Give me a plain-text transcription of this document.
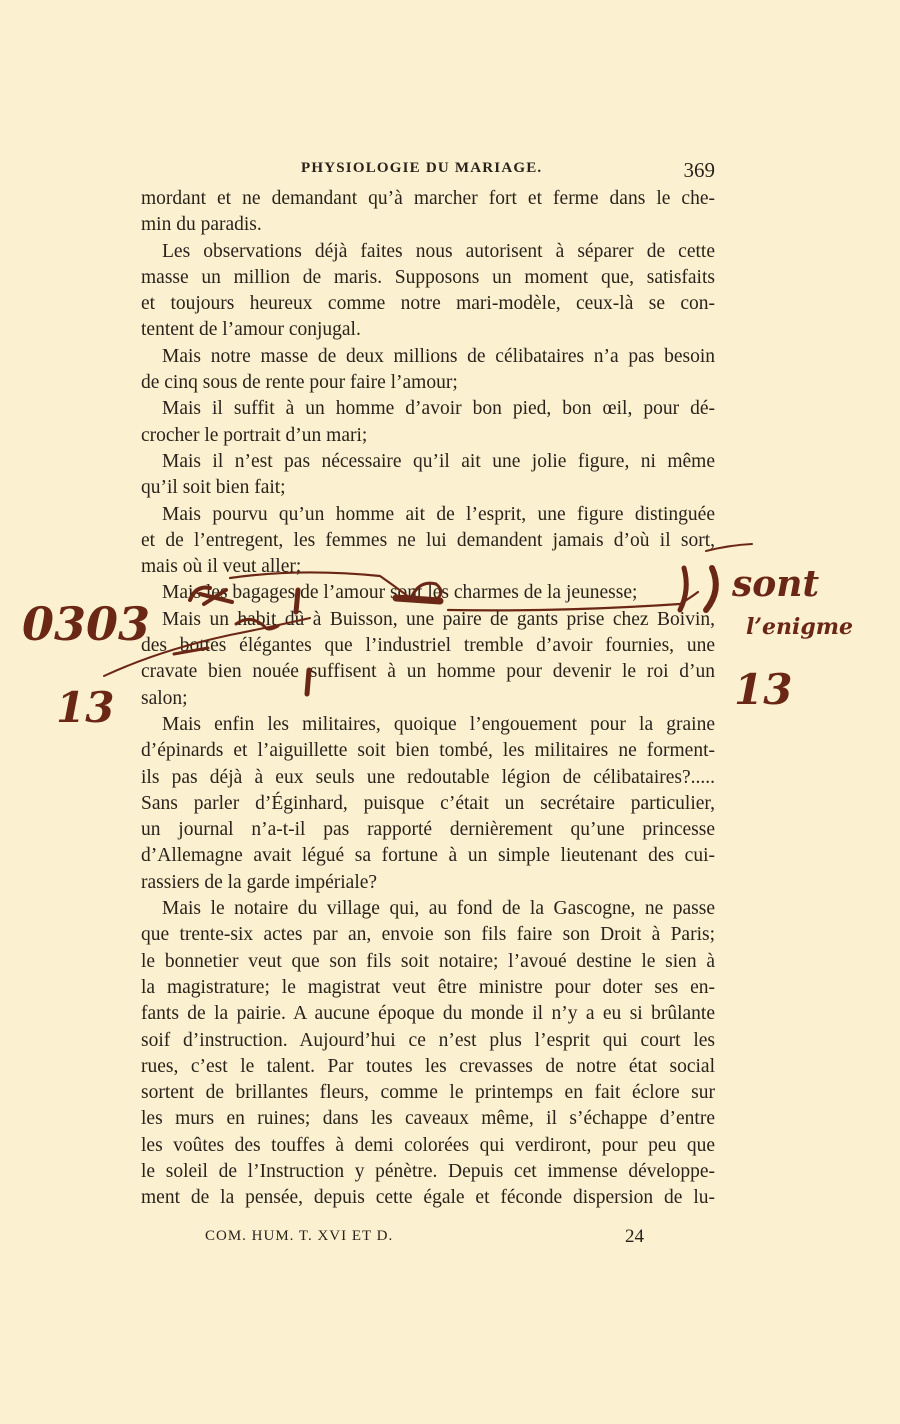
PHYSIOLOGIE DU MARIAGE.	369
mordant et ne demandant qu’à marcher fort et ferme dans le che-
min du paradis.
Les observations déjà faites nous autorisent à séparer de cette
masse un million de maris. Supposons un moment que, satisfaits
et toujours heureux comme notre mari-modèle, ceux-là se con-
tentent de l’amour conjugal.
Mais notre masse de deux millions de célibataires n’a pas besoin
de cinq sous de rente pour faire l’amour;
Mais il suffit à un homme d’avoir bon pied, bon œil, pour dé-
crocher le portrait d’un mari;
Mais il n’est pas nécessaire qu’il ait une jolie figure, ni même
qu’il soit bien fait;
Mais pourvu qu’un homme ait de l’esprit, une figure distinguée
et de l’entregent, les femmes ne lui demandent jamais d’où il sort,
mais où il veut aller;
Mais les bagages de l’amour sont les charmes de la jeunesse;
Mais un habit dû à Buisson, une paire de gants prise chez Boivin,
des bottes élégantes que l’industriel tremble d’avoir fournies, une
cravate bien nouée suffisent à un homme pour devenir le roi d’un
salon;
Mais enfin les militaires, quoique l’engouement pour la graine
d’épinards et l’aiguillette soit bien tombé, les militaires ne forment-
ils pas déjà à eux seuls une redoutable légion de célibataires?.....
Sans parler d’Éginhard, puisque c’était un secrétaire particulier,
un journal n’a-t-il pas rapporté dernièrement qu’une princesse
d’Allemagne avait légué sa fortune à un simple lieutenant des cui-
rassiers de la garde impériale?
Mais le notaire du village qui, au fond de la Gascogne, ne passe
que trente-six actes par an, envoie son fils faire son Droit à Paris;
le bonnetier veut que son fils soit notaire; l’avoué destine le sien à
la magistrature; le magistrat veut être ministre pour doter ses en-
fants de la pairie. A aucune époque du monde il n’y a eu si brûlante
soif d’instruction. Aujourd’hui ce n’est plus l’esprit qui court les
rues, c’est le talent. Par toutes les crevasses de notre état social
sortent de brillantes fleurs, comme le printemps en fait éclore sur
les murs en ruines; dans les caveaux même, il s’échappe d’entre
les voûtes des touffes à demi colorées qui verdiront, pour peu que
le soleil de l’Instruction y pénètre. Depuis cet immense développe-
ment de la pensée, depuis cette égale et féconde dispersion de lu-
COM. HUM. T. XVI ET D.	24
0303
13
sont
l’enigme
13
